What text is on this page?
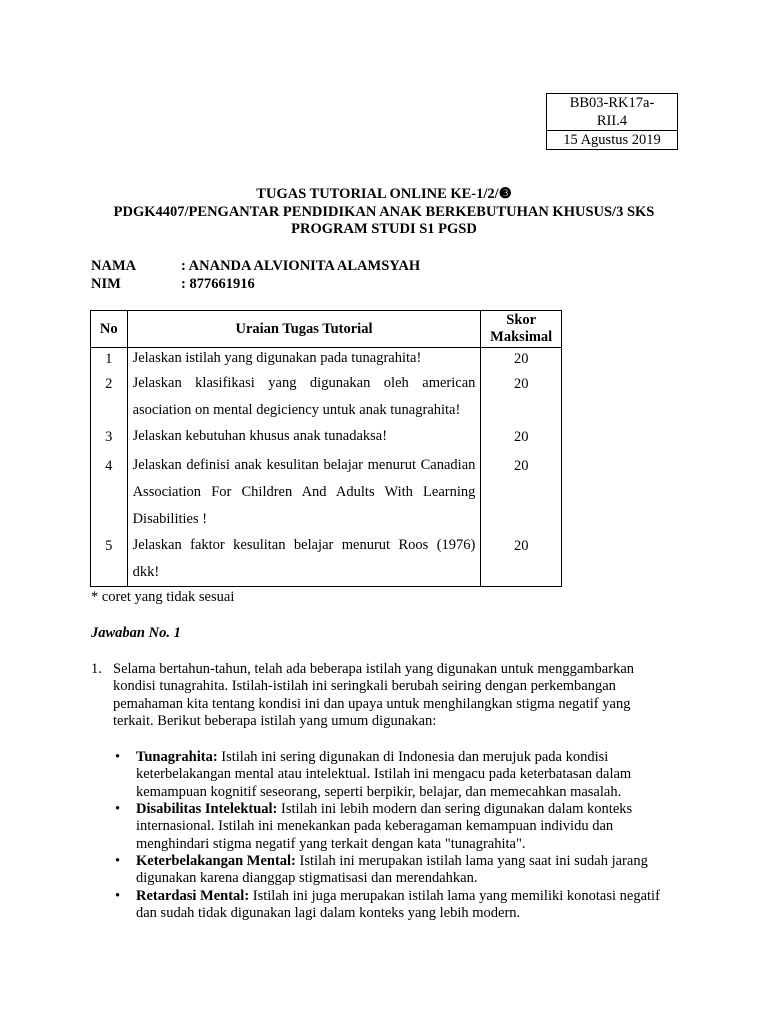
BB03-RK17a-
RII.4
15 Agustus 2019
TUGAS TUTORIAL ONLINE KE-1/2/❸
PDGK4407/PENGANTAR PENDIDIKAN ANAK BERKEBUTUHAN KHUSUS/3 SKS
PROGRAM STUDI S1 PGSD
NAMA	: ANANDA ALVIONITA ALAMSYAH
NIM	: 877661916
No	Uraian Tugas Tutorial	Skor Maksimal
1	Jelaskan istilah yang digunakan pada tunagrahita!	20
2	Jelaskan klasifikasi yang digunakan oleh american asociation on mental degiciency untuk anak tunagrahita!	20
3	Jelaskan kebutuhan khusus anak tunadaksa!	20
4	Jelaskan definisi anak kesulitan belajar menurut Canadian Association For Children And Adults With Learning Disabilities !	20
5	Jelaskan faktor kesulitan belajar menurut Roos (1976) dkk!	20
* coret yang tidak sesuai
Jawaban No. 1
1. Selama bertahun-tahun, telah ada beberapa istilah yang digunakan untuk menggambarkan kondisi tunagrahita. Istilah-istilah ini seringkali berubah seiring dengan perkembangan pemahaman kita tentang kondisi ini dan upaya untuk menghilangkan stigma negatif yang terkait. Berikut beberapa istilah yang umum digunakan:
• Tunagrahita: Istilah ini sering digunakan di Indonesia dan merujuk pada kondisi keterbelakangan mental atau intelektual. Istilah ini mengacu pada keterbatasan dalam kemampuan kognitif seseorang, seperti berpikir, belajar, dan memecahkan masalah.
• Disabilitas Intelektual: Istilah ini lebih modern dan sering digunakan dalam konteks internasional. Istilah ini menekankan pada keberagaman kemampuan individu dan menghindari stigma negatif yang terkait dengan kata "tunagrahita".
• Keterbelakangan Mental: Istilah ini merupakan istilah lama yang saat ini sudah jarang digunakan karena dianggap stigmatisasi dan merendahkan.
• Retardasi Mental: Istilah ini juga merupakan istilah lama yang memiliki konotasi negatif dan sudah tidak digunakan lagi dalam konteks yang lebih modern.
